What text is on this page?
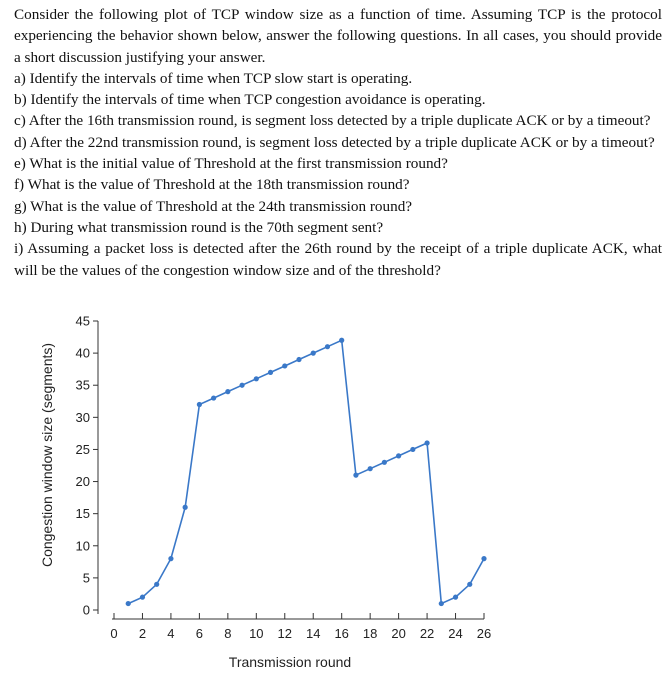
Consider the following plot of TCP window size as a function of time. Assuming TCP is the protocol experiencing the behavior shown below, answer the following questions. In all cases, you should provide a short discussion justifying your answer.

a) Identify the intervals of time when TCP slow start is operating.

b) Identify the intervals of time when TCP congestion avoidance is operating.

c) After the 16th transmission round, is segment loss detected by a triple duplicate ACK or by a timeout?

d) After the 22nd transmission round, is segment loss detected by a triple duplicate ACK or by a timeout?

e) What is the initial value of Threshold at the first transmission round?

f) What is the value of Threshold at the 18th transmission round?

g) What is the value of Threshold at the 24th transmission round?

h) During what transmission round is the 70th segment sent?

i) Assuming a packet loss is detected after the 26th round by the receipt of a triple duplicate ACK, what will be the values of the congestion window size and of the threshold?

0
5
10
15
20
25
30
35
40
45
0 2 4 6 8 10 12 14 16 18 20 22 24 26
Congestion window size (segments)
Transmission round
